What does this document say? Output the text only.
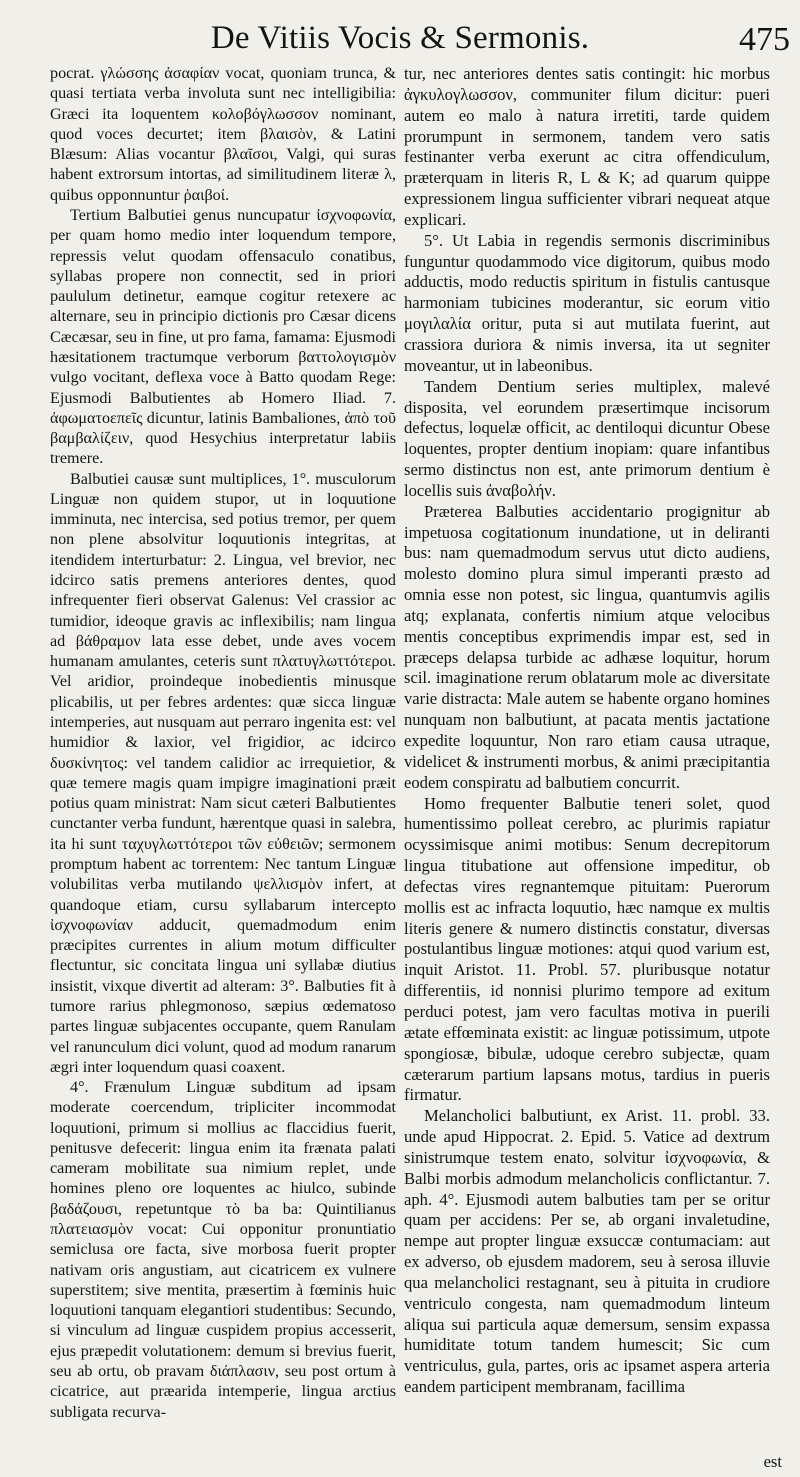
De Vitiis Vocis & Sermonis.	475

pocrat. γλώσσης ἀσαφίαν vocat, quoniam trunca, & quasi tertiata verba involuta sunt nec intelligibilia: Græci ita loquentem κολοβόγλωσσον nominant, quod voces decurtet; item βλαισὸν, & Latini Blæsum: Alias vocantur βλαῖσοι, Valgi, qui suras habent extrorsum intortas, ad similitudinem literæ λ, quibus opponnuntur ῥαιβοί.

Tertium Balbutiei genus nuncupatur ἰσχνοφωνία, per quam homo medio inter loquendum tempore, repressis velut quodam offensaculo conatibus, syllabas propere non connectit, sed in priori paululum detinetur, eamque cogitur retexere ac alternare, seu in principio dictionis pro Cæsar dicens Cæcæsar, seu in fine, ut pro fama, famama: Ejusmodi hæsitationem tractumque verborum βαττολογισμὸν vulgo vocitant, deflexa voce à Batto quodam Rege: Ejusmodi Balbutientes ab Homero Iliad. 7. ἀφωματοεπεῖς dicuntur, latinis Bambaliones, ἀπὸ τοῦ βαμβαλίζειν, quod Hesychius interpretatur labiis tremere.

Balbutiei causæ sunt multiplices, 1°. musculorum Linguæ non quidem stupor, ut in loquutione imminuta, nec intercisa, sed potius tremor, per quem non plene absolvitur loquutionis integritas, at itendidem interturbatur: 2. Lingua, vel brevior, nec idcirco satis premens anteriores dentes, quod infrequenter fieri observat Galenus: Vel crassior ac tumidior, ideoque gravis ac inflexibilis; nam lingua ad βάθραμον lata esse debet, unde aves vocem humanam amulantes, ceteris sunt πλατυγλωττότεροι. Vel aridior, proindeque inobedientis minusque plicabilis, ut per febres ardentes: quæ sicca linguæ intemperies, aut nusquam aut perraro ingenita est: vel humidior & laxior, vel frigidior, ac idcirco δυσκίνητος: vel tandem calidior ac irrequietior, & quæ temere magis quam impigre imaginationi præit potius quam ministrat: Nam sicut cæteri Balbutientes cunctanter verba fundunt, hærentque quasi in salebra, ita hi sunt ταχυγλωττότεροι τῶν εὐθειῶν; sermonem promptum habent ac torrentem: Nec tantum Linguæ volubilitas verba mutilando ψελλισμὸν infert, at quandoque etiam, cursu syllabarum intercepto ἰσχνοφωνίαν adducit, quemadmodum enim præcipites currentes in alium motum difficulter flectuntur, sic concitata lingua uni syllabæ diutius insistit, vixque divertit ad alteram: 3°. Balbuties fit à tumore rarius phlegmonoso, sæpius œdematoso partes linguæ subjacentes occupante, quem Ranulam vel ranunculum dici volunt, quod ad modum ranarum ægri inter loquendum quasi coaxent.

4°. Frænulum Linguæ subditum ad ipsam moderate coercendum, tripliciter incommodat loquutioni, primum si mollius ac flaccidius fuerit, penitusve defecerit: lingua enim ita frænata palati cameram mobilitate sua nimium replet, unde homines pleno ore loquentes ac hiulco, subinde βαδάζουσι, repetuntque τὸ ba ba: Quintilianus πλατειασμὸν vocat: Cui opponitur pronuntiatio semiclusa ore facta, sive morbosa fuerit propter nativam oris angustiam, aut cicatricem ex vulnere superstitem; sive mentita, præsertim à fœminis huic loquutioni tanquam elegantiori studentibus: Secundo, si vinculum ad linguæ cuspidem propius accesserit, ejus præpedit volutationem: demum si brevius fuerit, seu ab ortu, ob pravam διάπλασιν, seu post ortum à cicatrice, aut præarida intemperie, lingua arctius subligata recurva-

tur, nec anteriores dentes satis contingit: hic morbus ἀγκυλογλωσσον, communiter filum dicitur: pueri autem eo malo à natura irretiti, tarde quidem prorumpunt in sermonem, tandem vero satis festinanter verba exerunt ac citra offendiculum, præterquam in literis R, L & K; ad quarum quippe expressionem lingua sufficienter vibrari nequeat atque explicari.

5°. Ut Labia in regendis sermonis discriminibus funguntur quodammodo vice digitorum, quibus modo adductis, modo reductis spiritum in fistulis cantusque harmoniam tubicines moderantur, sic eorum vitio μογιλαλία oritur, puta si aut mutilata fuerint, aut crassiora duriora & nimis inversa, ita ut segniter moveantur, ut in labeonibus.

Tandem Dentium series multiplex, malevé disposita, vel eorundem præsertimque incisorum defectus, loquelæ officit, ac dentiloqui dicuntur Obese loquentes, propter dentium inopiam: quare infantibus sermo distinctus non est, ante primorum dentium è locellis suis ἀναβολήν.

Præterea Balbuties accidentario progignitur ab impetuosa cogitationum inundatione, ut in deliranti bus: nam quemadmodum servus utut dicto audiens, molesto domino plura simul imperanti præsto ad omnia esse non potest, sic lingua, quantumvis agilis atq; explanata, confertis nimium atque velocibus mentis conceptibus exprimendis impar est, sed in præceps delapsa turbide ac adhæse loquitur, horum scil. imaginatione rerum oblatarum mole ac diversitate varie distracta: Male autem se habente organo homines nunquam non balbutiunt, at pacata mentis jactatione expedite loquuntur, Non raro etiam causa utraque, videlicet & instrumenti morbus, & animi præcipitantia eodem conspiratu ad balbutiem concurrit.

Homo frequenter Balbutie teneri solet, quod humentissimo polleat cerebro, ac plurimis rapiatur ocyssimisque animi motibus: Senum decrepitorum lingua titubatione aut offensione impeditur, ob defectas vires regnantemque pituitam: Puerorum mollis est ac infracta loquutio, hæc namque ex multis literis genere & numero distinctis constatur, diversas postulantibus linguæ motiones: atqui quod varium est, inquit Aristot. 11. Probl. 57. pluribusque notatur differentiis, id nonnisi plurimo tempore ad exitum perduci potest, jam vero facultas motiva in puerili ætate effœminata existit: ac linguæ potissimum, utpote spongiosæ, bibulæ, udoque cerebro subjectæ, quam cæterarum partium lapsans motus, tardius in pueris firmatur.

Melancholici balbutiunt, ex Arist. 11. probl. 33. unde apud Hippocrat. 2. Epid. 5. Vatice ad dextrum sinistrumque testem enato, solvitur ἰσχνοφωνία, & Balbi morbis admodum melancholicis conflictantur. 7. aph. 4°. Ejusmodi autem balbuties tam per se oritur quam per accidens: Per se, ab organi invaletudine, nempe aut propter linguæ exsuccæ contumaciam: aut ex adverso, ob ejusdem madorem, seu à serosa illuvie qua melancholici restagnant, seu à pituita in crudiore ventriculo congesta, nam quemadmodum linteum aliqua sui particula aquæ demersum, sensim expassa humiditate totum tandem humescit; Sic cum ventriculus, gula, partes, oris ac ipsamet aspera arteria eandem participent membranam, facillima

est
